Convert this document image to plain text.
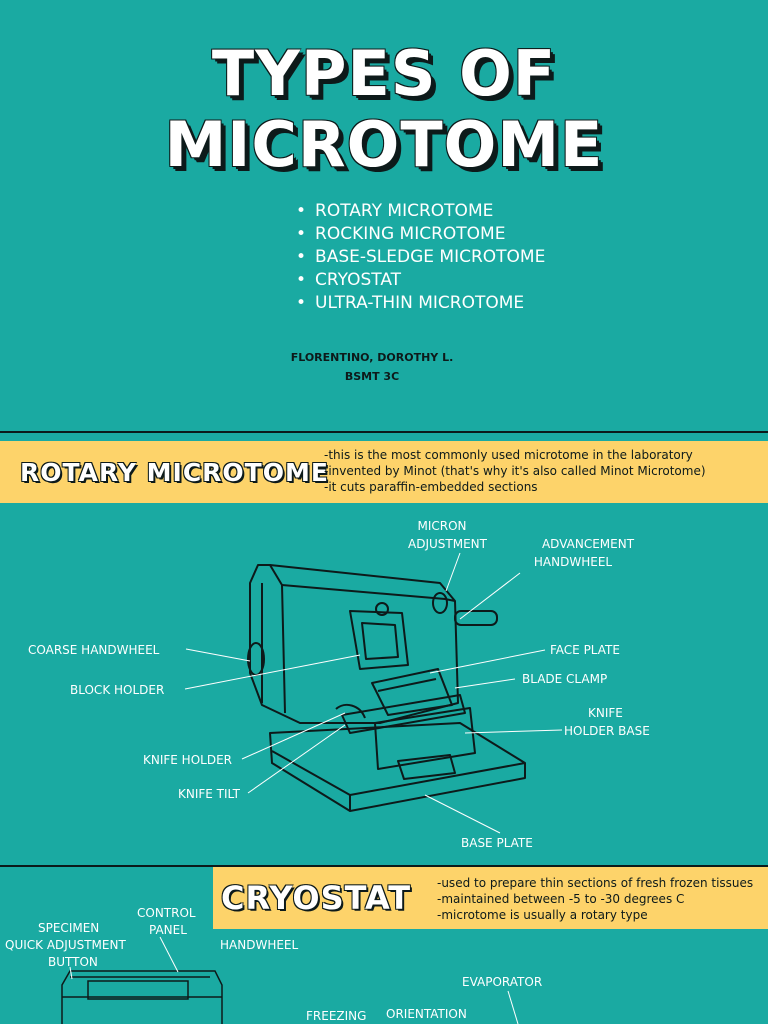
TYPES OF
MICROTOME
• ROTARY MICROTOME
• ROCKING MICROTOME
• BASE-SLEDGE MICROTOME
• CRYOSTAT
• ULTRA-THIN MICROTOME
FLORENTINO, DOROTHY L.
BSMT 3C
ROTARY MICROTOME
-this is the most commonly used microtome in the laboratory
-invented by Minot (that's why it's also called Minot Microtome)
-it cuts paraffin-embedded sections
MICRON
ADJUSTMENT	ADVANCEMENT
HANDWHEEL
COARSE HANDWHEEL	FACE PLATE
BLOCK HOLDER
BLADE CLAMP
KNIFE
HOLDER BASE
KNIFE HOLDER
KNIFE TILT
BASE PLATE
CRYOSTAT -used to prepare thin sections of fresh frozen tissues
-maintained between -5 to -30 degrees C
-microtome is usually a rotary type
SPECIMEN
QUICK ADJUSTMENT
BUTTON
CONTROL
PANEL
HANDWHEEL
EVAPORATOR
FREEZING ORIENTATION
